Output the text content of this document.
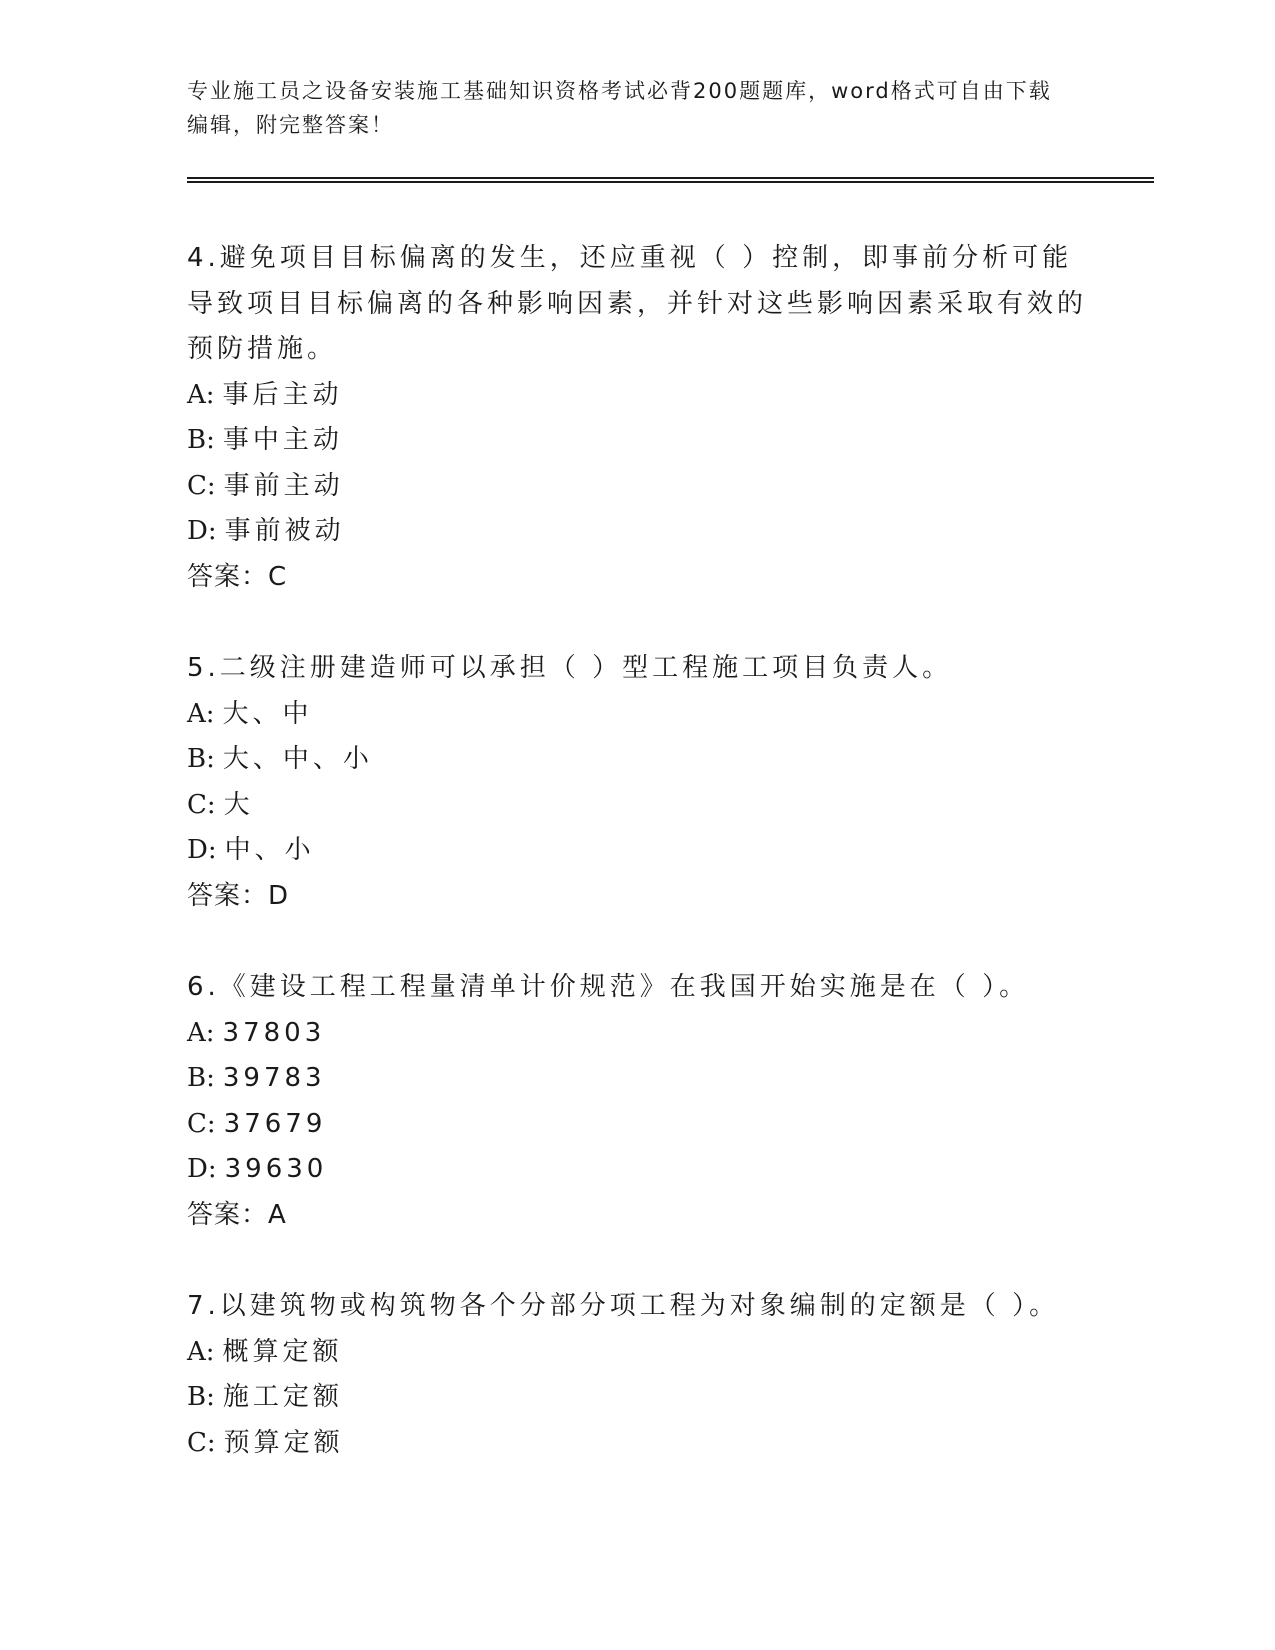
专业施工员之设备安装施工基础知识资格考试必背200题题库，word格式可自由下载编辑，附完整答案！

4.避免项目目标偏离的发生，还应重视（ ）控制，即事前分析可能导致项目目标偏离的各种影响因素，并针对这些影响因素采取有效的预防措施。

A: 事后主动

B: 事中主动

C: 事前主动

D: 事前被动

答案：C

5.二级注册建造师可以承担（ ）型工程施工项目负责人。

A: 大、中

B: 大、中、小

C: 大

D: 中、小

答案：D

6.《建设工程工程量清单计价规范》在我国开始实施是在（ ）。

A: 37803

B: 39783

C: 37679

D: 39630

答案：A

7.以建筑物或构筑物各个分部分项工程为对象编制的定额是（ ）。

A: 概算定额

B: 施工定额

C: 预算定额
